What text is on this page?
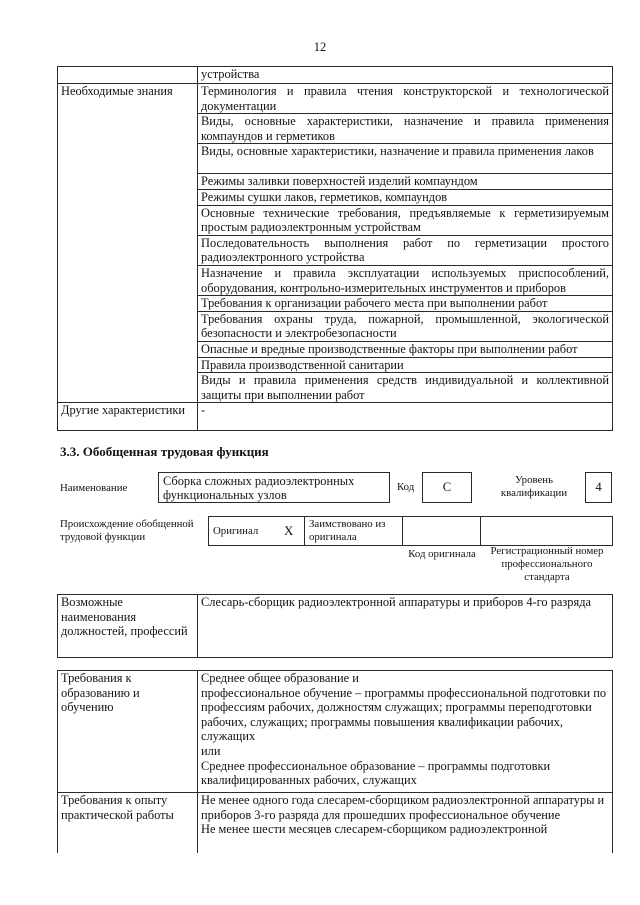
12
	устройства
Необходимые знания	Терминология и правила чтения конструкторской и технологической документации
	Виды, основные характеристики, назначение и правила применения компаундов и герметиков
	Виды, основные характеристики, назначение и правила применения лаков
	Режимы заливки поверхностей изделий компаундом
	Режимы сушки лаков, герметиков, компаундов
	Основные технические требования, предъявляемые к герметизируемым простым радиоэлектронным устройствам
	Последовательность выполнения работ по герметизации простого радиоэлектронного устройства
	Назначение и правила эксплуатации используемых приспособлений, оборудования, контрольно-измерительных инструментов и приборов
	Требования к организации рабочего места при выполнении работ
	Требования охраны труда, пожарной, промышленной, экологической безопасности и электробезопасности
	Опасные и вредные производственные факторы при выполнении работ
	Правила производственной санитарии
	Виды и правила применения средств индивидуальной и коллективной защиты при выполнении работ
Другие характеристики	-
3.3. Обобщенная трудовая функция
Наименование	Сборка сложных радиоэлектронных функциональных узлов
Код	С	Уровень квалификации	4
Происхождение обобщенной трудовой функции
Оригинал	X	Заимствовано из оригинала		
Код оригинала	Регистрационный номер профессионального стандарта
Возможные наименования должностей, профессий	Слесарь-сборщик радиоэлектронной аппаратуры и приборов 4-го разряда
Требования к образованию и обучению	Среднее общее образование и

профессиональное обучение – программы профессиональной подготовки по профессиям рабочих, должностям служащих; программы переподготовки рабочих, служащих; программы повышения квалификации рабочих, служащих

или

Среднее профессиональное образование – программы подготовки квалифицированных рабочих, служащих

Требования к опыту практической работы	Не менее одного года слесарем-сборщиком радиоэлектронной аппаратуры и приборов 3-го разряда для прошедших профессиональное обучение

Не менее шести месяцев слесарем-сборщиком радиоэлектронной
